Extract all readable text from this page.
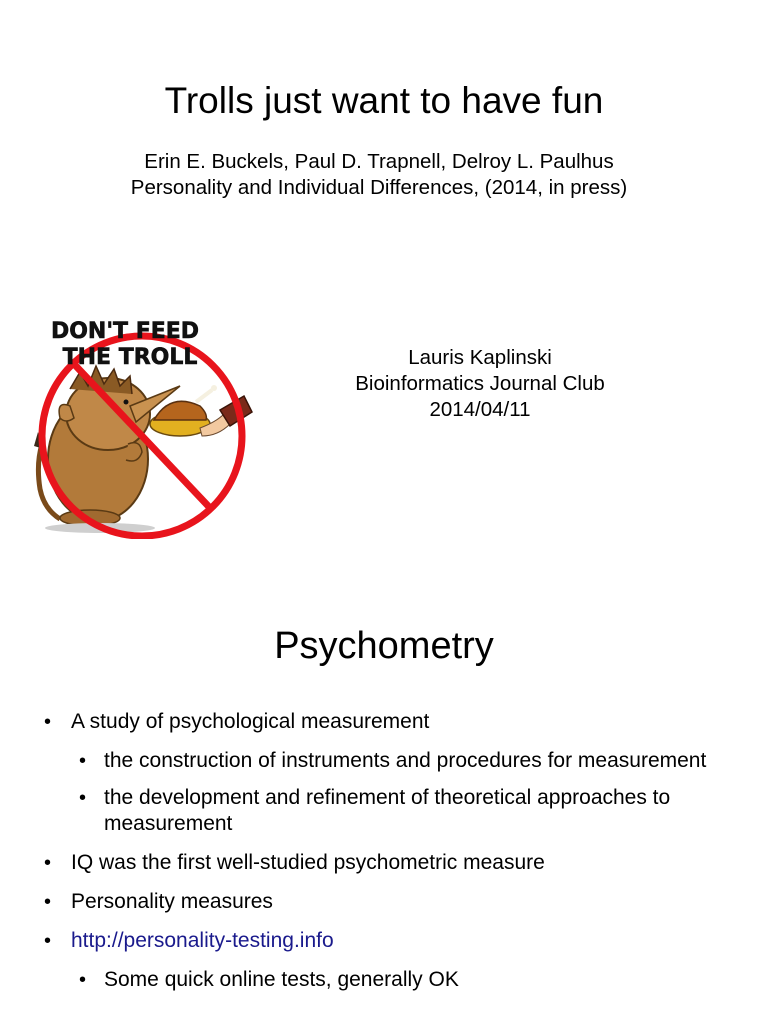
Trolls just want to have fun
Erin E. Buckels, Paul D. Trapnell, Delroy L. Paulhus
Personality and Individual Differences, (2014, in press)
DON'T FEED
THE TROLL	Lauris Kaplinski
Bioinformatics Journal Club
2014/04/11
Psychometry

• A study of psychological measurement

• the construction of instruments and procedures for measurement

• the development and refinement of theoretical approaches to measurement

• IQ was the first well-studied psychometric measure

• Personality measures

• http://personality-testing.info

• Some quick online tests, generally OK
